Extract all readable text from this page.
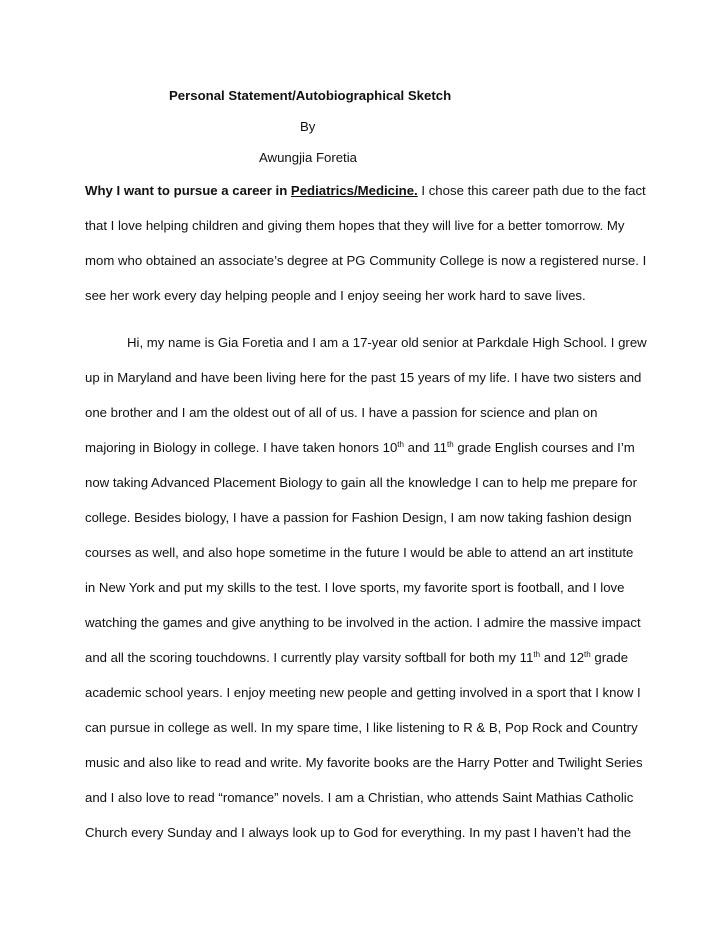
Personal Statement/Autobiographical Sketch
By
Awungjia Foretia
Why I want to pursue a career in Pediatrics/Medicine. I chose this career path due to the fact
that I love helping children and giving them hopes that they will live for a better tomorrow. My
mom who obtained an associate’s degree at PG Community College is now a registered nurse. I
see her work every day helping people and I enjoy seeing her work hard to save lives.
Hi, my name is Gia Foretia and I am a 17-year old senior at Parkdale High School. I grew
up in Maryland and have been living here for the past 15 years of my life. I have two sisters and
one brother and I am the oldest out of all of us. I have a passion for science and plan on
majoring in Biology in college. I have taken honors 10th and 11th grade English courses and I’m
now taking Advanced Placement Biology to gain all the knowledge I can to help me prepare for
college. Besides biology, I have a passion for Fashion Design, I am now taking fashion design
courses as well, and also hope sometime in the future I would be able to attend an art institute
in New York and put my skills to the test. I love sports, my favorite sport is football, and I love
watching the games and give anything to be involved in the action. I admire the massive impact
and all the scoring touchdowns. I currently play varsity softball for both my 11th and 12th grade
academic school years. I enjoy meeting new people and getting involved in a sport that I know I
can pursue in college as well. In my spare time, I like listening to R & B, Pop Rock and Country
music and also like to read and write. My favorite books are the Harry Potter and Twilight Series
and I also love to read “romance” novels. I am a Christian, who attends Saint Mathias Catholic
Church every Sunday and I always look up to God for everything. In my past I haven’t had the
